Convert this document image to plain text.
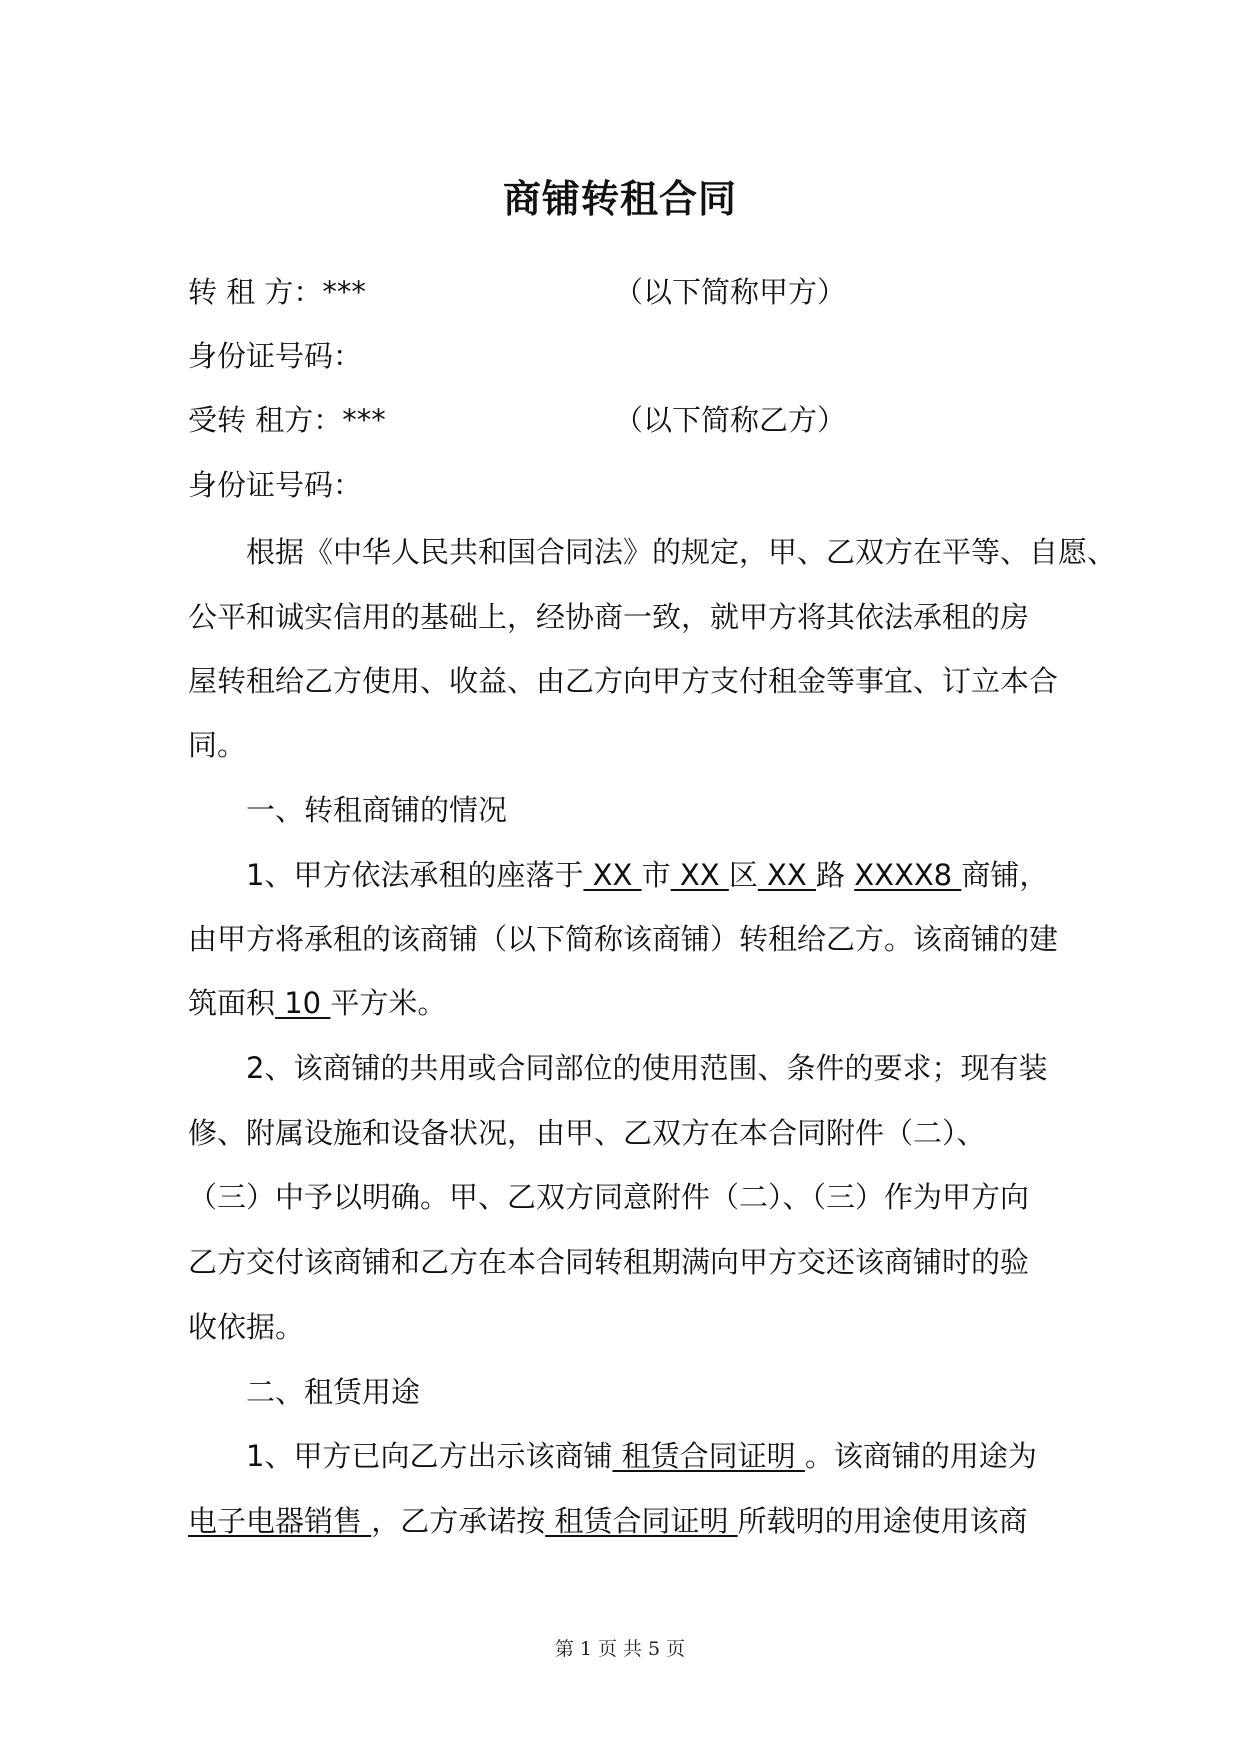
商铺转租合同
转 租 方：***	（以下简称甲方）
身份证号码：
受转 租方：***	（以下简称乙方）
身份证号码：
根据《中华人民共和国合同法》的规定，甲、乙双方在平等、自愿、
公平和诚实信用的基础上，经协商一致，就甲方将其依法承租的房
屋转租给乙方使用、收益、由乙方向甲方支付租金等事宜、订立本合
同。
一、转租商铺的情况
1、甲方依法承租的座落于 XX 市 XX 区 XX 路 XXXX8 商铺，
由甲方将承租的该商铺（以下简称该商铺）转租给乙方。该商铺的建
筑面积 10 平方米。
2、该商铺的共用或合同部位的使用范围、条件的要求；现有装
修、附属设施和设备状况，由甲、乙双方在本合同附件（二）、
（三）中予以明确。甲、乙双方同意附件（二）、（三）作为甲方向
乙方交付该商铺和乙方在本合同转租期满向甲方交还该商铺时的验
收依据。
二、租赁用途
1、甲方已向乙方出示该商铺 租赁合同证明 。该商铺的用途为
电子电器销售 ，乙方承诺按 租赁合同证明 所载明的用途使用该商
第 1 页 共 5 页
